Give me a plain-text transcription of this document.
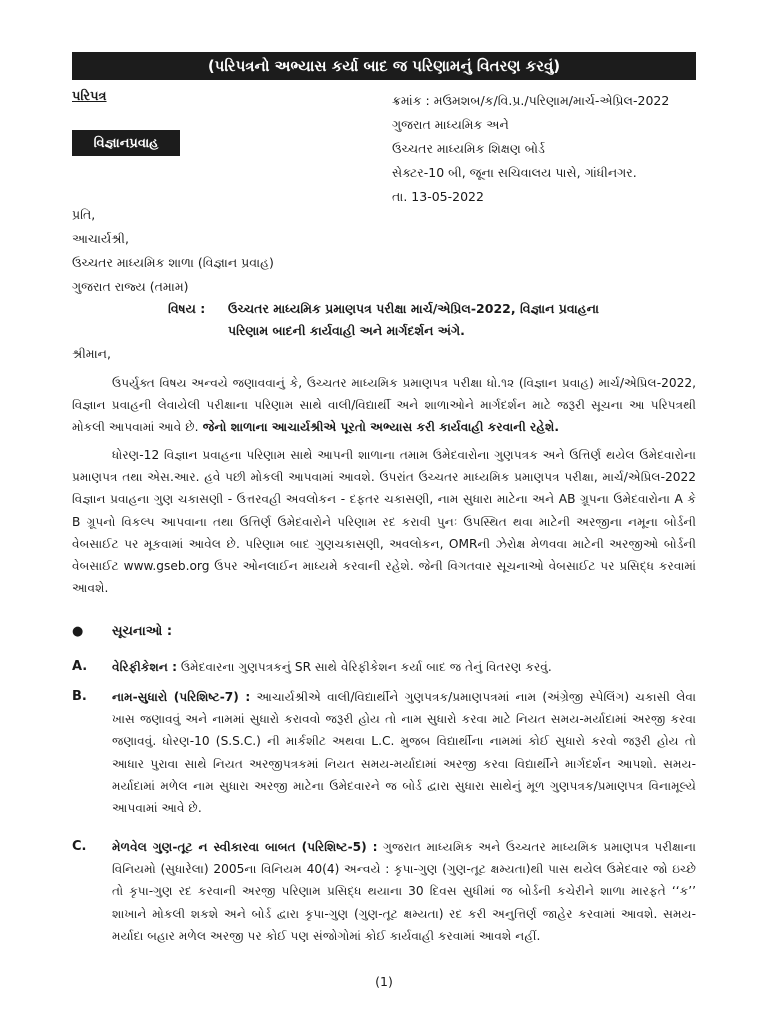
(પરિપત્રનો અભ્યાસ કર્યા બાદ જ પરિણામનું વિતરણ કરવું)
પરિપત્ર
વિજ્ઞાનપ્રવાહ
ક્રમાંક : મઉમશબ/ક/વિ.પ્ર./પરિણામ/માર્ચ-એપ્રિલ-2022
ગુજરાત માધ્યમિક અને
ઉચ્ચતર માધ્યમિક શિક્ષણ બોર્ડ
સેક્ટર-10 બી, જૂના સચિવાલય પાસે, ગાંધીનગર.
તા. 13-05-2022
પ્રતિ,
આચાર્યશ્રી,
ઉચ્ચતર માધ્યમિક શાળા (વિજ્ઞાન પ્રવાહ)
ગુજરાત રાજ્ય (તમામ)
વિષય : ઉચ્ચતર માધ્યમિક પ્રમાણપત્ર પરીક્ષા માર્ચ/એપ્રિલ-2022, વિજ્ઞાન પ્રવાહના
પરિણામ બાદની કાર્યવાહી અને માર્ગદર્શન અંગે.
શ્રીમાન,
ઉપર્યુક્ત વિષય અન્વયે જણાવવાનું કે, ઉચ્ચતર માધ્યમિક પ્રમાણપત્ર પરીક્ષા ધો.૧૨ (વિજ્ઞાન પ્રવાહ) માર્ચ/એપ્રિલ-2022, વિજ્ઞાન પ્રવાહની લેવાયેલી પરીક્ષાના પરિણામ સાથે વાલી/વિદ્યાર્થી અને શાળાઓને માર્ગદર્શન માટે જરૂરી સૂચના આ પરિપત્રથી મોકલી આપવામાં આવે છે. જેનો શાળાના આચાર્યશ્રીએ પૂરતો અભ્યાસ કરી કાર્યવાહી કરવાની રહેશે.
ધોરણ-12 વિજ્ઞાન પ્રવાહના પરિણામ સાથે આપની શાળાના તમામ ઉમેદવારોના ગુણપત્રક અને ઉત્તિર્ણ થયેલ ઉમેદવારોના પ્રમાણપત્ર તથા એસ.આર. હવે પછી મોકલી આપવામાં આવશે. ઉપરાંત ઉચ્ચતર માધ્યમિક પ્રમાણપત્ર પરીક્ષા, માર્ચ/એપ્રિલ-2022 વિજ્ઞાન પ્રવાહના ગુણ ચકાસણી - ઉત્તરવહી અવલોકન - દફતર ચકાસણી, નામ સુધારા માટેના અને AB ગ્રૂપના ઉમેદવારોના A કે B ગ્રૂપનો વિકલ્પ આપવાના તથા ઉત્તિર્ણ ઉમેદવારોને પરિણામ રદ કરાવી પુનઃ ઉપસ્થિત થવા માટેની અરજીના નમૂના બોર્ડની વેબસાઈટ પર મૂકવામાં આવેલ છે. પરિણામ બાદ ગુણચકાસણી, અવલોકન, OMRની ઝેરોક્ષ મેળવવા માટેની અરજીઓ બોર્ડની વેબસાઈટ www.gseb.org ઉપર ઓનલાઈન માધ્યમે કરવાની રહેશે. જેની વિગતવાર સૂચનાઓ વેબસાઈટ પર પ્રસિદ્ધ કરવામાં આવશે.
● સૂચનાઓ :
A. વેરિફીકેશન : ઉમેદવારના ગુણપત્રકનું SR સાથે વેરિફીકેશન કર્યા બાદ જ તેનું વિતરણ કરવું.
B. નામ-સુધારો (પરિશિષ્ટ-7) : આચાર્યશ્રીએ વાલી/વિદ્યાર્થીને ગુણપત્રક/પ્રમાણપત્રમાં નામ (અંગ્રેજી સ્પેલિંગ) ચકાસી લેવા ખાસ જણાવવું અને નામમાં સુધારો કરાવવો જરૂરી હોય તો નામ સુધારો કરવા માટે નિયત સમય-મર્યાદામાં અરજી કરવા જણાવવું. ધોરણ-10 (S.S.C.) ની માર્કશીટ અથવા L.C. મુજબ વિદ્યાર્થીના નામમાં કોઈ સુધારો કરવો જરૂરી હોય તો આધાર પુરાવા સાથે નિયત અરજીપત્રકમાં નિયત સમય-મર્યાદામાં અરજી કરવા વિદ્યાર્થીને માર્ગદર્શન આપશો. સમય-મર્યાદામાં મળેલ નામ સુધારા અરજી માટેના ઉમેદવારને જ બોર્ડ દ્વારા સુધારા સાથેનું મૂળ ગુણપત્રક/પ્રમાણપત્ર વિનામૂલ્યે આપવામાં આવે છે.
C. મેળવેલ ગુણ-તૂટ ન સ્વીકારવા બાબત (પરિશિષ્ટ-5) : ગુજરાત માધ્યમિક અને ઉચ્ચતર માધ્યમિક પ્રમાણપત્ર પરીક્ષાના વિનિયમો (સુધારેલા) 2005ના વિનિયમ 40(4) અન્વયે : કૃપા-ગુણ (ગુણ-તૂટ ક્ષમ્યતા)થી પાસ થયેલ ઉમેદવાર જો ઇચ્છે તો કૃપા-ગુણ રદ કરવાની અરજી પરિણામ પ્રસિદ્ધ થયાના 30 દિવસ સુધીમાં જ બોર્ડની કચેરીને શાળા મારફતે ‘‘ક’’ શાખાને મોકલી શકશે અને બોર્ડ દ્વારા કૃપા-ગુણ (ગુણ-તૂટ ક્ષમ્યતા) રદ કરી અનુત્તિર્ણ જાહેર કરવામાં આવશે. સમય-મર્યાદા બહાર મળેલ અરજી પર કોઈ પણ સંજોગોમાં કોઈ કાર્યવાહી કરવામાં આવશે નહીં.
(1)
